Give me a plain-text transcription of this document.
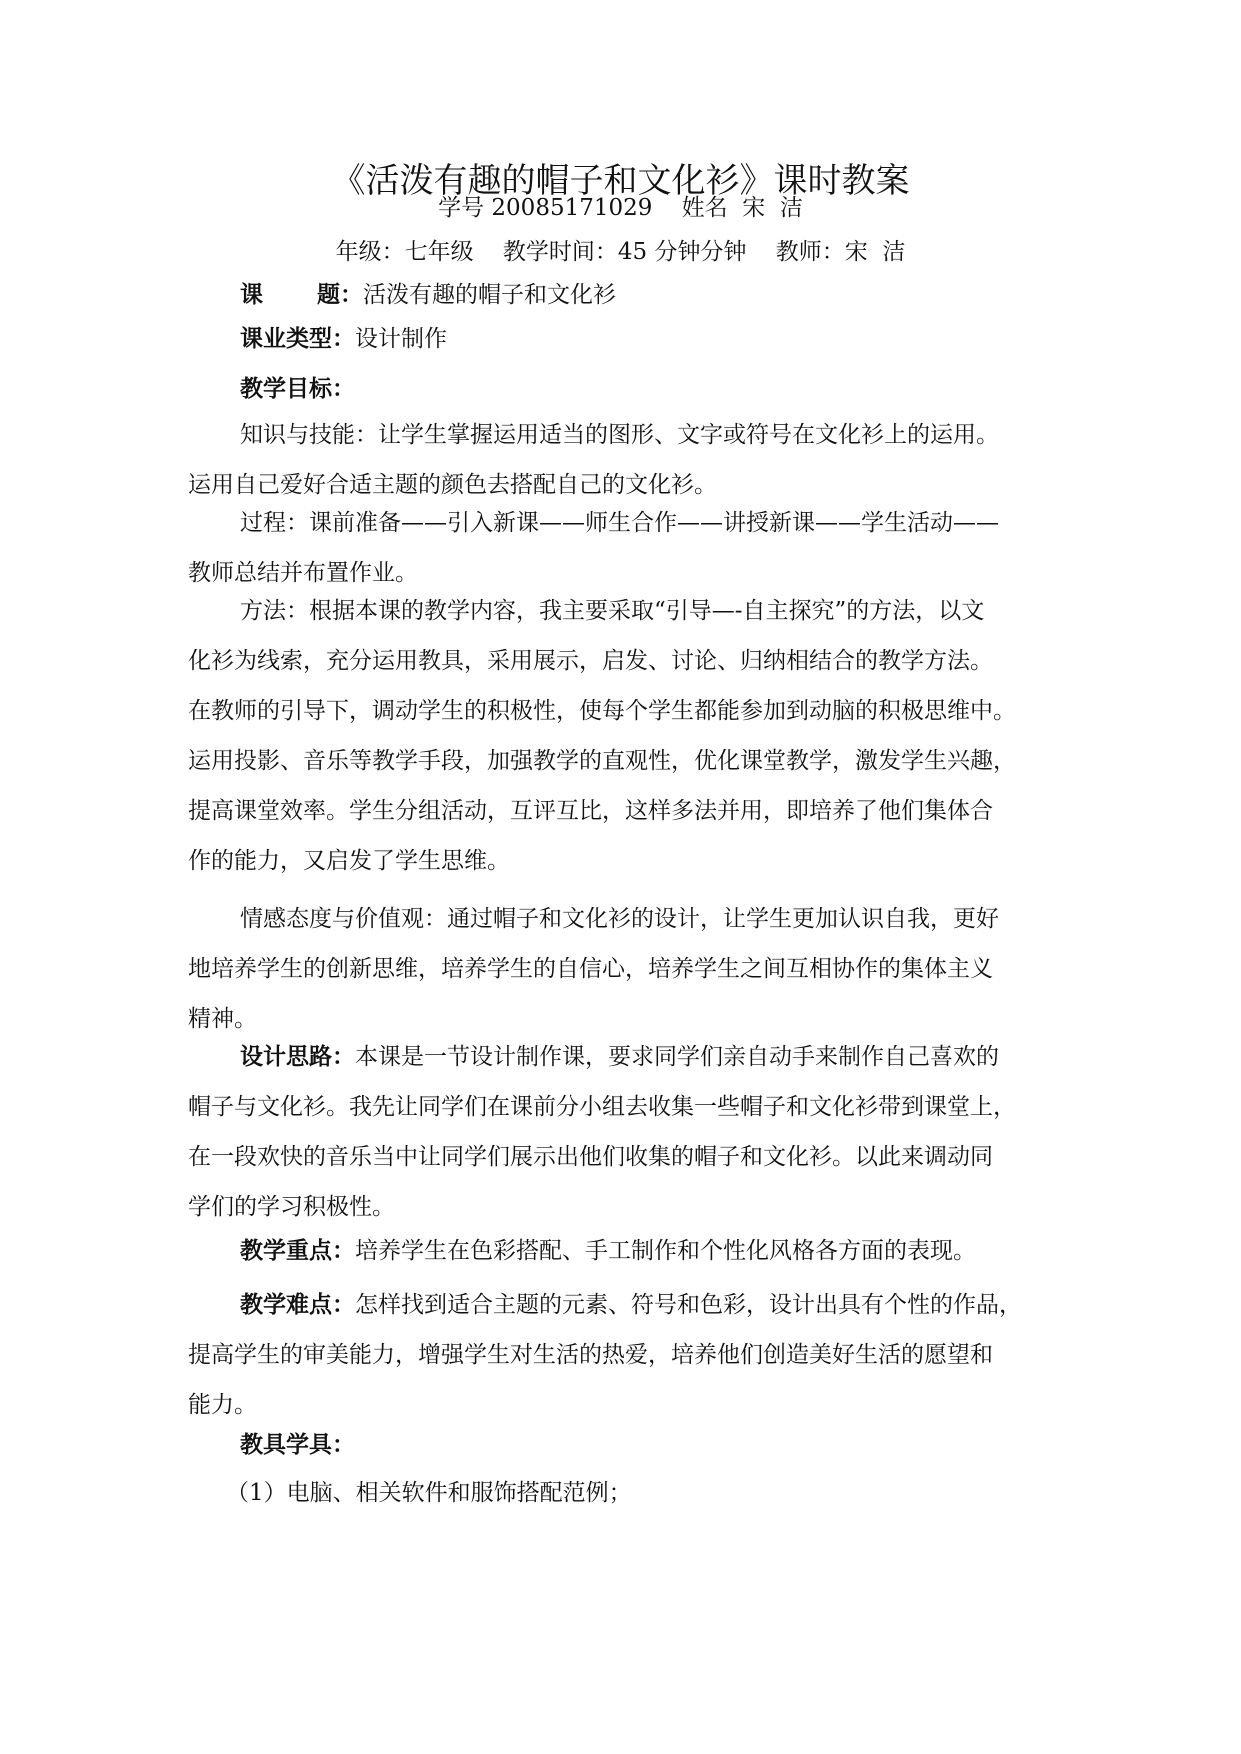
《活泼有趣的帽子和文化衫》课时教案
学号 20085171029    姓名  宋  洁
年级：七年级    教学时间：45 分钟分钟    教师：宋  洁
课 题：活泼有趣的帽子和文化衫
课业类型：设计制作
教学目标：
知识与技能：让学生掌握运用适当的图形、文字或符号在文化衫上的运用。
运用自己爱好合适主题的颜色去搭配自己的文化衫。
过程：课前准备——引入新课——师生合作——讲授新课——学生活动——
教师总结并布置作业。
方法：根据本课的教学内容，我主要采取“引导—-自主探究”的方法，以文
化衫为线索，充分运用教具，采用展示，启发、讨论、归纳相结合的教学方法。
在教师的引导下，调动学生的积极性，使每个学生都能参加到动脑的积极思维中。
运用投影、音乐等教学手段，加强教学的直观性，优化课堂教学，激发学生兴趣，
提高课堂效率。学生分组活动，互评互比，这样多法并用，即培养了他们集体合
作的能力，又启发了学生思维。
情感态度与价值观：通过帽子和文化衫的设计，让学生更加认识自我，更好
地培养学生的创新思维，培养学生的自信心，培养学生之间互相协作的集体主义
精神。
设计思路：本课是一节设计制作课，要求同学们亲自动手来制作自己喜欢的
帽子与文化衫。我先让同学们在课前分小组去收集一些帽子和文化衫带到课堂上，
在一段欢快的音乐当中让同学们展示出他们收集的帽子和文化衫。以此来调动同
学们的学习积极性。
教学重点：培养学生在色彩搭配、手工制作和个性化风格各方面的表现。
教学难点：怎样找到适合主题的元素、符号和色彩，设计出具有个性的作品，
提高学生的审美能力，增强学生对生活的热爱，培养他们创造美好生活的愿望和
能力。
教具学具：
（1）电脑、相关软件和服饰搭配范例；
